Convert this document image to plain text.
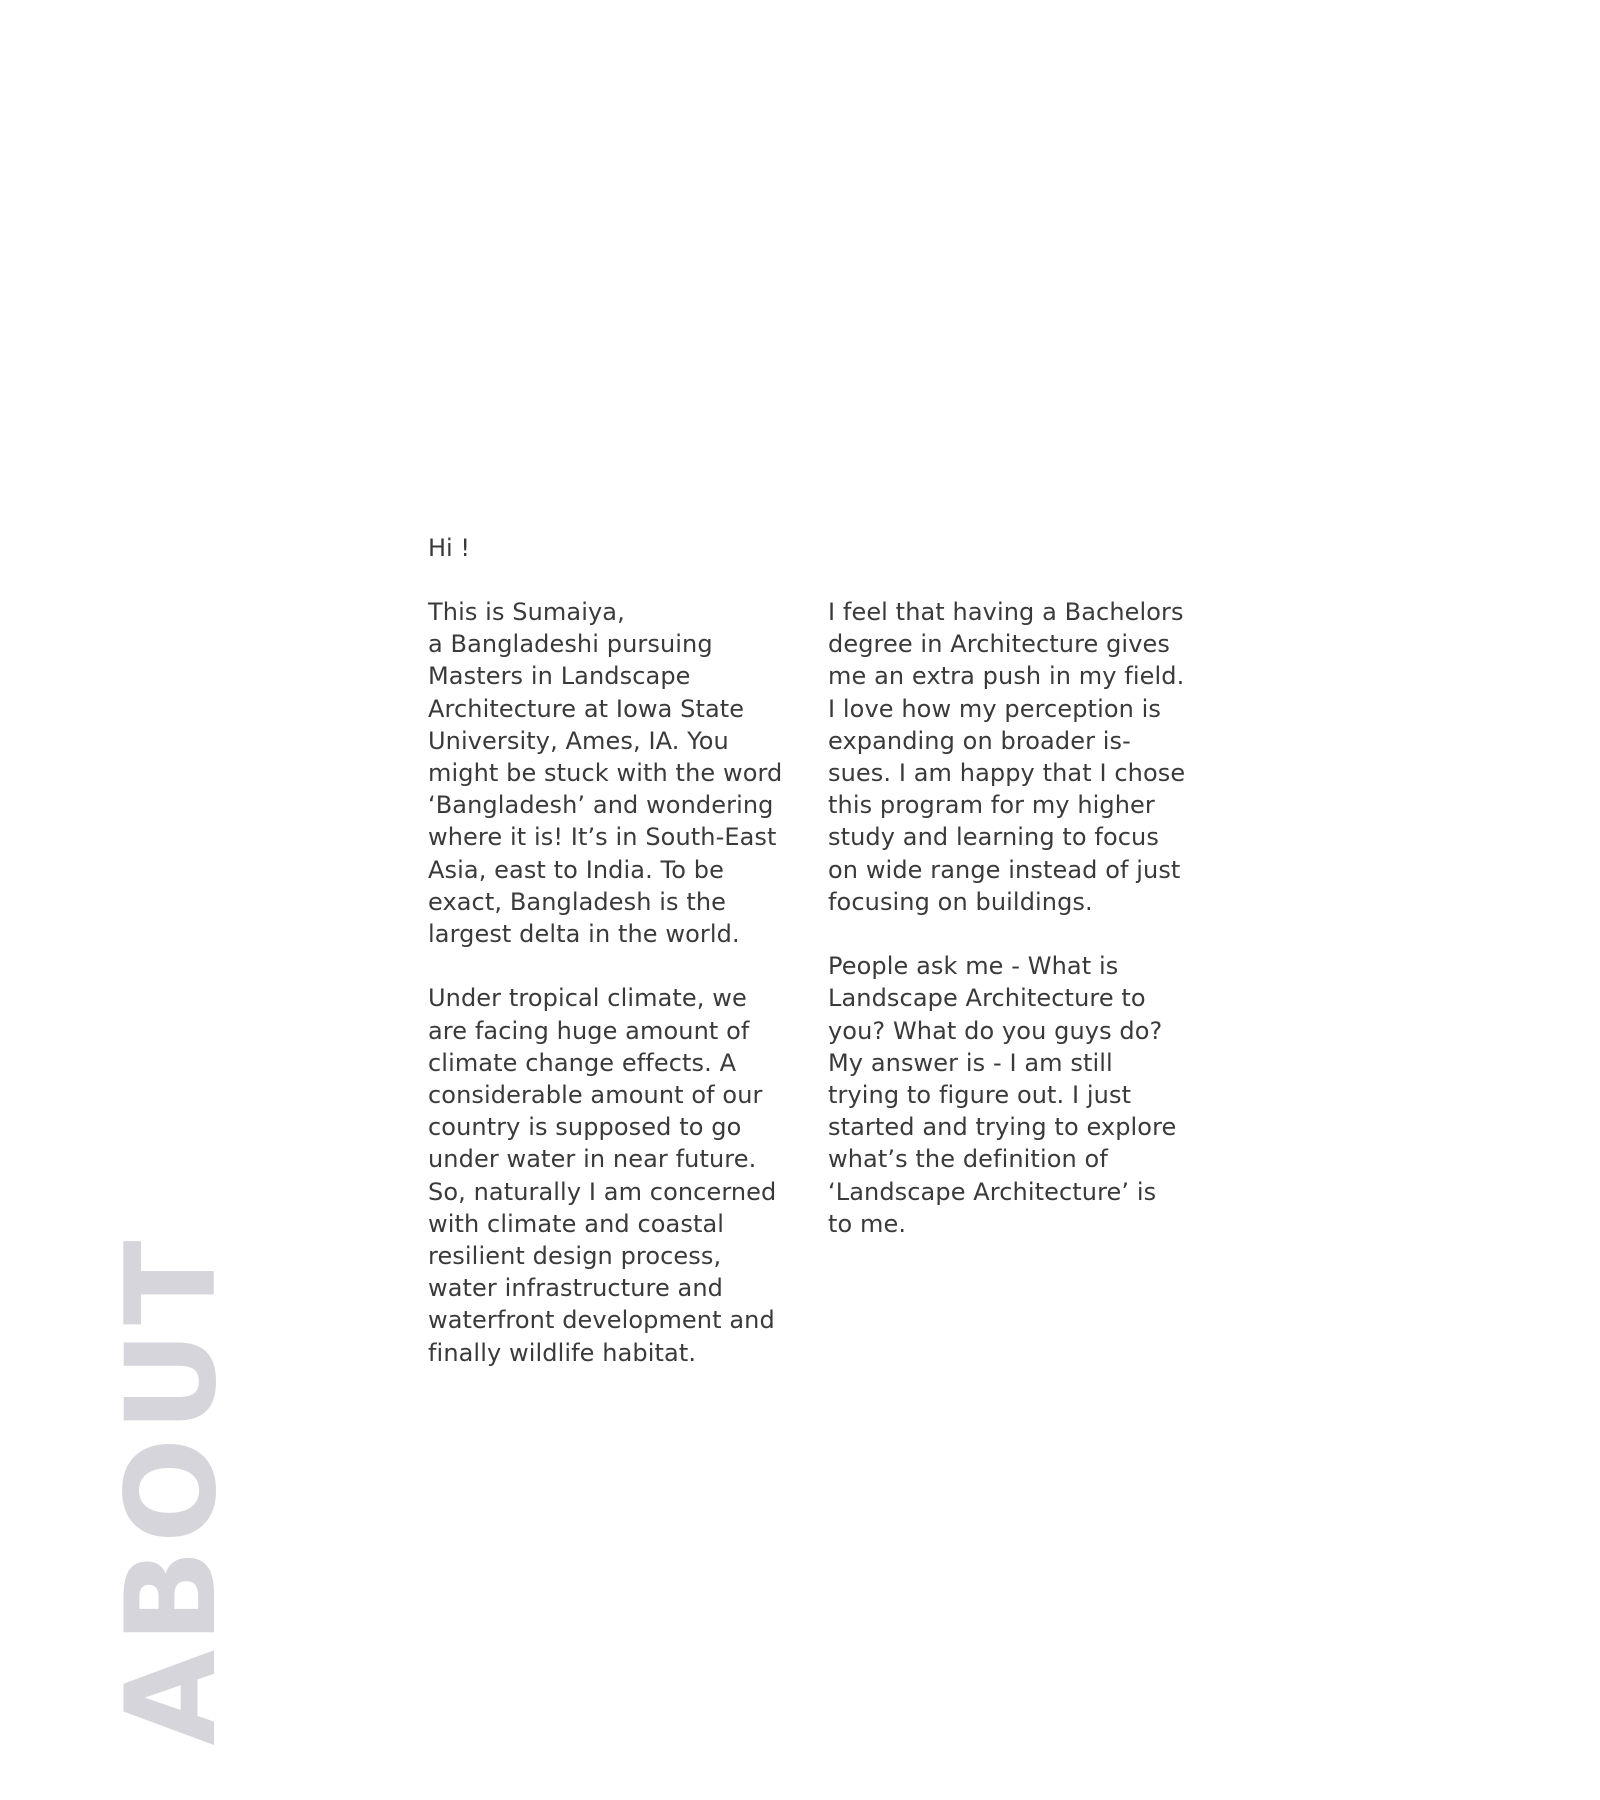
Hi !

This is Sumaiya,
a Bangladeshi pursuing
Masters in Landscape
Architecture at Iowa State
University, Ames, IA. You
might be stuck with the word
‘Bangladesh’ and wondering
where it is! It’s in South-East
Asia, east to India. To be
exact, Bangladesh is the
largest delta in the world.

Under tropical climate, we
are facing huge amount of
climate change effects. A
considerable amount of our
country is supposed to go
under water in near future.
So, naturally I am concerned
with climate and coastal
resilient design process,
water infrastructure and
waterfront development and
finally wildlife habitat.

I feel that having a Bachelors
degree in Architecture gives
me an extra push in my field.
I love how my perception is
expanding on broader is-
sues. I am happy that I chose
this program for my higher
study and learning to focus
on wide range instead of just
focusing on buildings.

People ask me - What is
Landscape Architecture to
you? What do you guys do?
My answer is - I am still
trying to figure out. I just
started and trying to explore
what’s the definition of
‘Landscape Architecture’ is
to me.

ABOUT
